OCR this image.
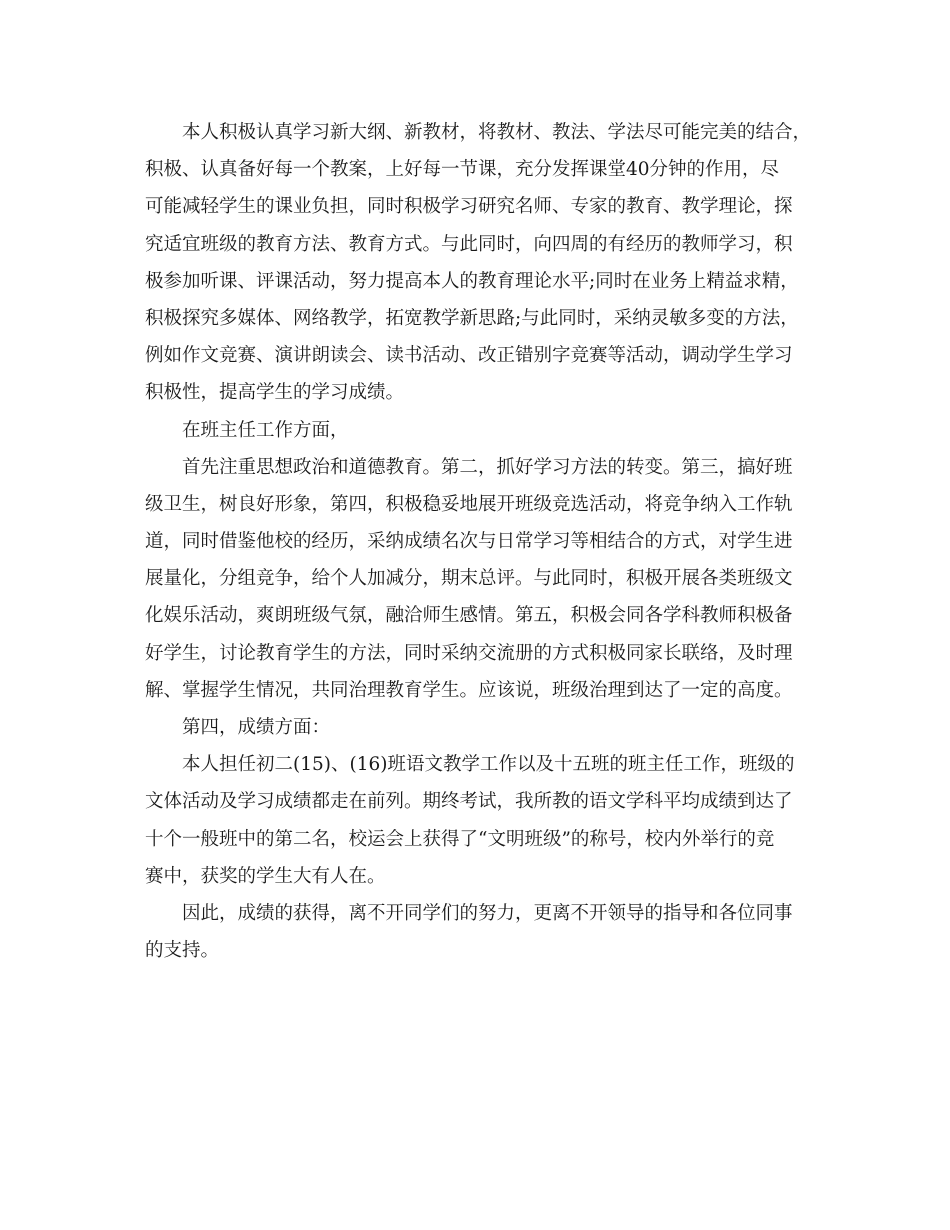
本人积极认真学习新大纲、新教材，将教材、教法、学法尽可能完美的结合，
积极、认真备好每一个教案，上好每一节课，充分发挥课堂40分钟的作用，尽
可能减轻学生的课业负担，同时积极学习研究名师、专家的教育、教学理论，探
究适宜班级的教育方法、教育方式。与此同时，向四周的有经历的教师学习，积
极参加听课、评课活动，努力提高本人的教育理论水平;同时在业务上精益求精，
积极探究多媒体、网络教学，拓宽教学新思路;与此同时，采纳灵敏多变的方法，
例如作文竞赛、演讲朗读会、读书活动、改正错别字竞赛等活动，调动学生学习
积极性，提高学生的学习成绩。
在班主任工作方面，
首先注重思想政治和道德教育。第二，抓好学习方法的转变。第三，搞好班
级卫生，树良好形象，第四，积极稳妥地展开班级竞选活动，将竞争纳入工作轨
道，同时借鉴他校的经历，采纳成绩名次与日常学习等相结合的方式，对学生进
展量化，分组竞争，给个人加减分，期末总评。与此同时，积极开展各类班级文
化娱乐活动，爽朗班级气氛，融洽师生感情。第五，积极会同各学科教师积极备
好学生，讨论教育学生的方法，同时采纳交流册的方式积极同家长联络，及时理
解、掌握学生情况，共同治理教育学生。应该说，班级治理到达了一定的高度。
第四，成绩方面：
本人担任初二(15)、(16)班语文教学工作以及十五班的班主任工作，班级的
文体活动及学习成绩都走在前列。期终考试，我所教的语文学科平均成绩到达了
十个一般班中的第二名，校运会上获得了“文明班级”的称号，校内外举行的竞
赛中，获奖的学生大有人在。
因此，成绩的获得，离不开同学们的努力，更离不开领导的指导和各位同事
的支持。
